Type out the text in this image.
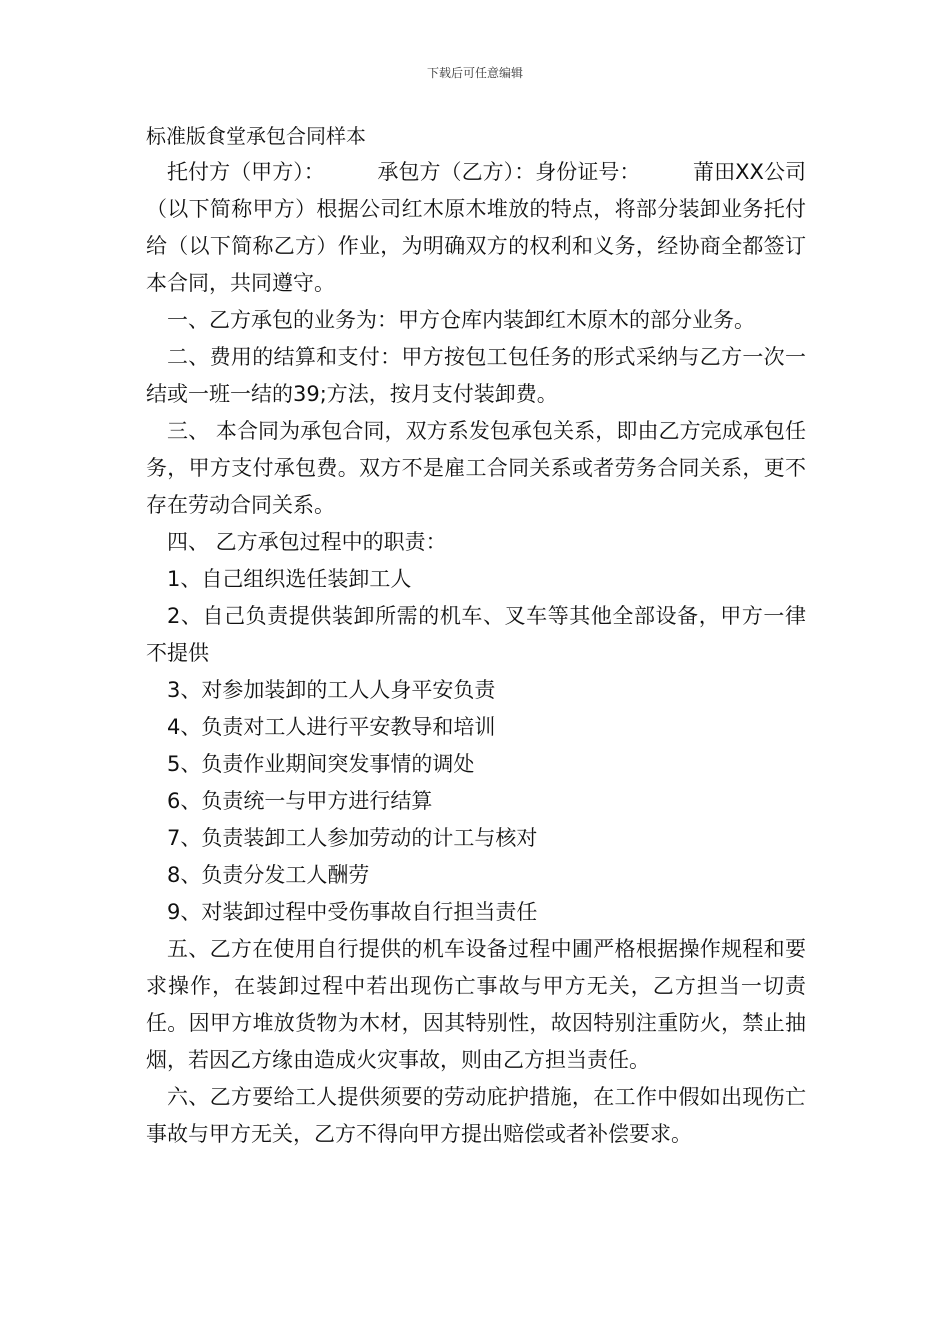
下载后可任意编辑

标准版食堂承包合同样本

托付方（甲方）：　　　承包方（乙方）：身份证号：　　　莆田XX公司（以下简称甲方）根据公司红木原木堆放的特点，将部分装卸业务托付给（以下简称乙方）作业，为明确双方的权利和义务，经协商全都签订本合同，共同遵守。

一、乙方承包的业务为：甲方仓库内装卸红木原木的部分业务。

二、费用的结算和支付：甲方按包工包任务的形式采纳与乙方一次一结或一班一结的39;方法，按月支付装卸费。

三、 本合同为承包合同，双方系发包承包关系，即由乙方完成承包任务，甲方支付承包费。双方不是雇工合同关系或者劳务合同关系，更不存在劳动合同关系。

四、 乙方承包过程中的职责：

1、自己组织选任装卸工人

2、自己负责提供装卸所需的机车、叉车等其他全部设备，甲方一律不提供

3、对参加装卸的工人人身平安负责

4、负责对工人进行平安教导和培训

5、负责作业期间突发事情的调处

6、负责统一与甲方进行结算

7、负责装卸工人参加劳动的计工与核对

8、负责分发工人酬劳

9、对装卸过程中受伤事故自行担当责任

五、乙方在使用自行提供的机车设备过程中圃严格根据操作规程和要求操作，在装卸过程中若出现伤亡事故与甲方无关，乙方担当一切责任。因甲方堆放货物为木材，因其特别性，故因特别注重防火，禁止抽烟，若因乙方缘由造成火灾事故，则由乙方担当责任。

六、乙方要给工人提供须要的劳动庇护措施，在工作中假如出现伤亡事故与甲方无关，乙方不得向甲方提出赔偿或者补偿要求。
